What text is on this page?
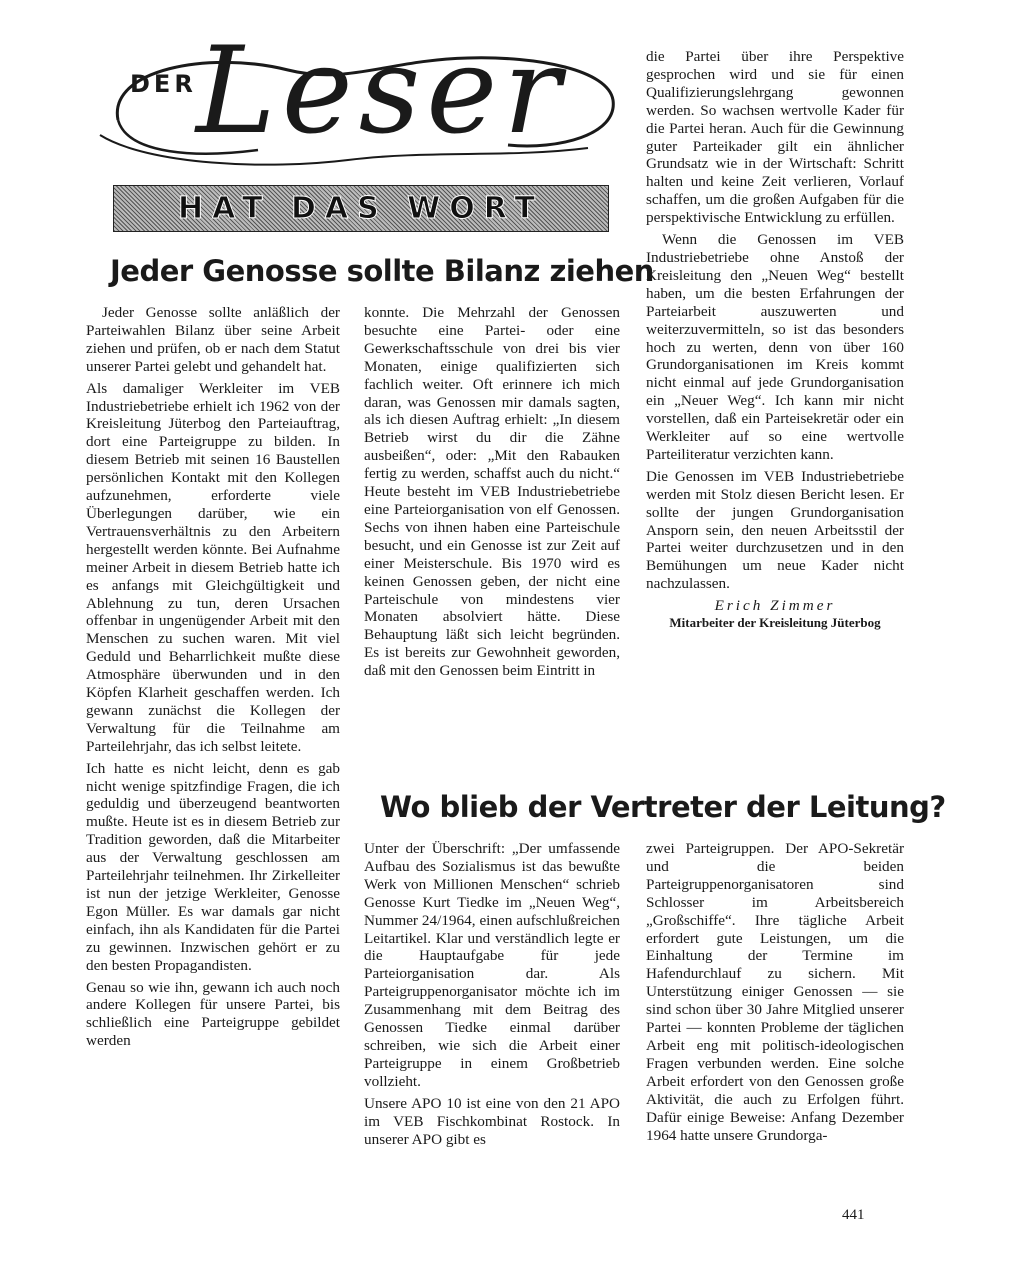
DER Leser
HAT DAS WORT
Jeder Genosse sollte Bilanz ziehen

Jeder Genosse sollte anläßlich der Parteiwahlen Bilanz über seine Arbeit ziehen und prüfen, ob er nach dem Statut unserer Partei gelebt und gehandelt hat.

Als damaliger Werkleiter im VEB Industriebetriebe erhielt ich 1962 von der Kreisleitung Jüterbog den Parteiauftrag, dort eine Parteigruppe zu bilden. In diesem Betrieb mit seinen 16 Baustellen persönlichen Kontakt mit den Kollegen aufzunehmen, erforderte viele Überlegungen darüber, wie ein Vertrauensverhältnis zu den Arbeitern hergestellt werden könnte. Bei Aufnahme meiner Arbeit in diesem Betrieb hatte ich es anfangs mit Gleichgültigkeit und Ablehnung zu tun, deren Ursachen offenbar in ungenügender Arbeit mit den Menschen zu suchen waren. Mit viel Geduld und Beharrlichkeit mußte diese Atmosphäre überwunden und in den Köpfen Klarheit geschaffen werden. Ich gewann zunächst die Kollegen der Verwaltung für die Teilnahme am Parteilehrjahr, das ich selbst leitete.

Ich hatte es nicht leicht, denn es gab nicht wenige spitzfindige Fragen, die ich geduldig und überzeugend beantworten mußte. Heute ist es in diesem Betrieb zur Tradition geworden, daß die Mitarbeiter aus der Verwaltung geschlossen am Parteilehrjahr teilnehmen. Ihr Zirkelleiter ist nun der jetzige Werkleiter, Genosse Egon Müller. Es war damals gar nicht einfach, ihn als Kandidaten für die Partei zu gewinnen. Inzwischen gehört er zu den besten Propagandisten.

Genau so wie ihn, gewann ich auch noch andere Kollegen für unsere Partei, bis schließlich eine Parteigruppe gebildet werden

konnte. Die Mehrzahl der Genossen besuchte eine Partei- oder eine Gewerkschaftsschule von drei bis vier Monaten, einige qualifizierten sich fachlich weiter. Oft erinnere ich mich daran, was Genossen mir damals sagten, als ich diesen Auftrag erhielt: „In diesem Betrieb wirst du dir die Zähne ausbeißen“, oder: „Mit den Rabauken fertig zu werden, schaffst auch du nicht.“ Heute besteht im VEB Industriebetriebe eine Parteiorganisation von elf Genossen. Sechs von ihnen haben eine Parteischule besucht, und ein Genosse ist zur Zeit auf einer Meisterschule. Bis 1970 wird es keinen Genossen geben, der nicht eine Parteischule von mindestens vier Monaten absolviert hätte. Diese Behauptung läßt sich leicht begründen. Es ist bereits zur Gewohnheit geworden, daß mit den Genossen beim Eintritt in

die Partei über ihre Perspektive gesprochen wird und sie für einen Qualifizierungslehrgang gewonnen werden. So wachsen wertvolle Kader für die Partei heran. Auch für die Gewinnung guter Parteikader gilt ein ähnlicher Grundsatz wie in der Wirtschaft: Schritt halten und keine Zeit verlieren, Vorlauf schaffen, um die großen Aufgaben für die perspektivische Entwicklung zu erfüllen.

Wenn die Genossen im VEB Industriebetriebe ohne Anstoß der Kreisleitung den „Neuen Weg“ bestellt haben, um die besten Erfahrungen der Parteiarbeit auszuwerten und weiterzuvermitteln, so ist das besonders hoch zu werten, denn von über 160 Grundorganisationen im Kreis kommt nicht einmal auf jede Grundorganisation ein „Neuer Weg“. Ich kann mir nicht vorstellen, daß ein Parteisekretär oder ein Werkleiter auf so eine wertvolle Parteiliteratur verzichten kann.

Die Genossen im VEB Industriebetriebe werden mit Stolz diesen Bericht lesen. Er sollte der jungen Grundorganisation Ansporn sein, den neuen Arbeitsstil der Partei weiter durchzusetzen und in den Bemühungen um neue Kader nicht nachzulassen.

Erich Zimmer
Mitarbeiter der Kreisleitung Jüterbog
Wo blieb der Vertreter der Leitung?

Unter der Überschrift: „Der umfassende Aufbau des Sozialismus ist das bewußte Werk von Millionen Menschen“ schrieb Genosse Kurt Tiedke im „Neuen Weg“, Nummer 24/1964, einen aufschlußreichen Leitartikel. Klar und verständlich legte er die Hauptaufgabe für jede Parteiorganisation dar. Als Parteigruppenorganisator möchte ich im Zusammenhang mit dem Beitrag des Genossen Tiedke einmal darüber schreiben, wie sich die Arbeit einer Parteigruppe in einem Großbetrieb vollzieht.

Unsere APO 10 ist eine von den 21 APO im VEB Fischkombinat Rostock. In unserer APO gibt es

zwei Parteigruppen. Der APO-Sekretär und die beiden Parteigruppenorganisatoren sind Schlosser im Arbeitsbereich „Großschiffe“. Ihre tägliche Arbeit erfordert gute Leistungen, um die Einhaltung der Termine im Hafendurchlauf zu sichern. Mit Unterstützung einiger Genossen — sie sind schon über 30 Jahre Mitglied unserer Partei — konnten Probleme der täglichen Arbeit eng mit politisch-ideologischen Fragen verbunden werden. Eine solche Arbeit erfordert von den Genossen große Aktivität, die auch zu Erfolgen führt. Dafür einige Beweise: Anfang Dezember 1964 hatte unsere Grundorga-

441
